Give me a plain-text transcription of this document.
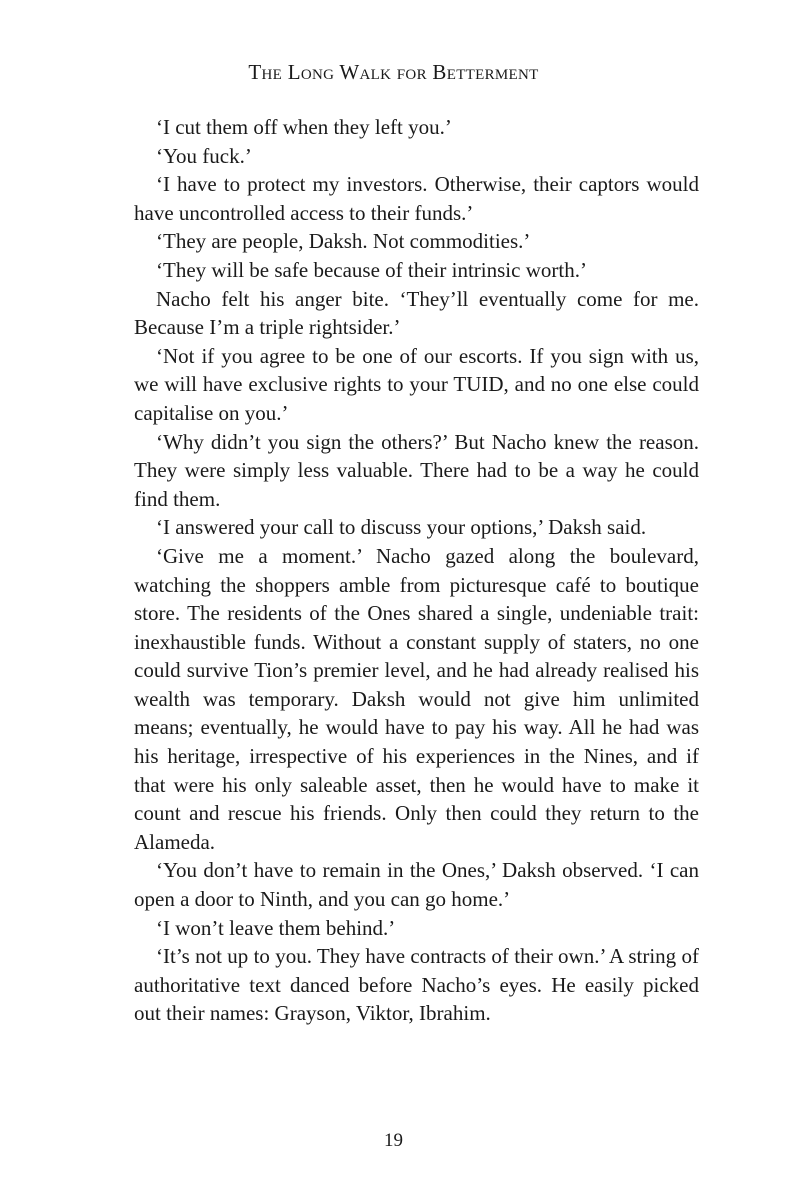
The Long Walk for Betterment

‘I cut them off when they left you.’

‘You fuck.’

‘I have to protect my investors. Otherwise, their captors would have uncontrolled access to their funds.’

‘They are people, Daksh. Not commodities.’

‘They will be safe because of their intrinsic worth.’

Nacho felt his anger bite. ‘They’ll eventually come for me. Because I’m a triple rightsider.’

‘Not if you agree to be one of our escorts. If you sign with us, we will have exclusive rights to your TUID, and no one else could capitalise on you.’

‘Why didn’t you sign the others?’ But Nacho knew the reason. They were simply less valuable. There had to be a way he could find them.

‘I answered your call to discuss your options,’ Daksh said.

‘Give me a moment.’ Nacho gazed along the boulevard, watching the shoppers amble from picturesque café to boutique store. The residents of the Ones shared a single, undeniable trait: inexhaustible funds. Without a constant supply of staters, no one could survive Tion’s premier level, and he had already realised his wealth was temporary. Daksh would not give him unlimited means; eventually, he would have to pay his way. All he had was his heritage, irrespective of his experiences in the Nines, and if that were his only saleable asset, then he would have to make it count and rescue his friends. Only then could they return to the Alameda.

‘You don’t have to remain in the Ones,’ Daksh observed. ‘I can open a door to Ninth, and you can go home.’

‘I won’t leave them behind.’

‘It’s not up to you. They have contracts of their own.’ A string of authoritative text danced before Nacho’s eyes. He easily picked out their names: Grayson, Viktor, Ibrahim.

19
